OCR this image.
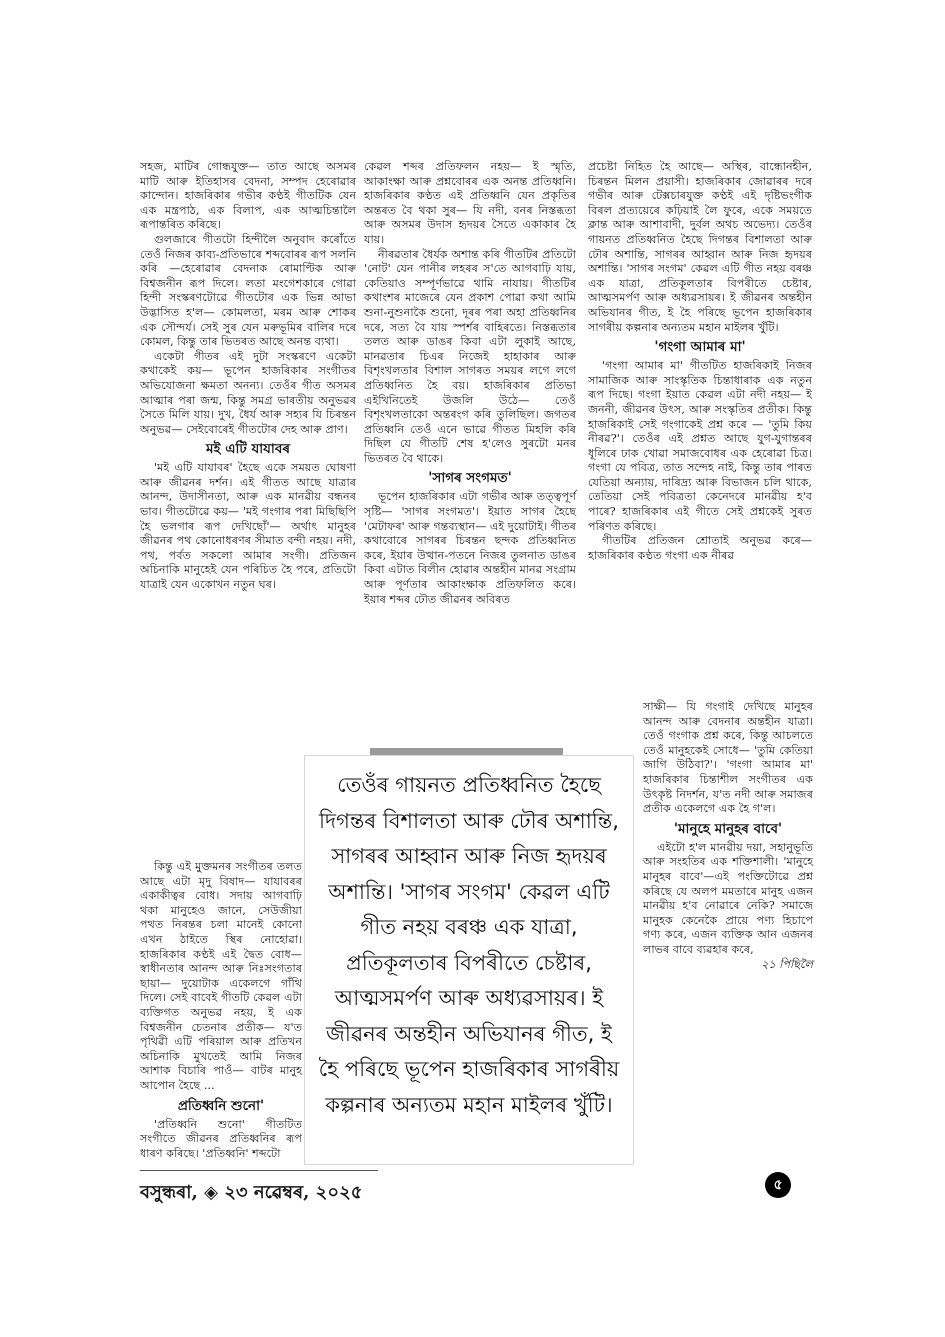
সহজ, মাটিৰ গোন্ধযুক্ত— তাত আছে অসমৰ মাটি আৰু ইতিহাসৰ বেদনা, সম্পদ হেৰোৱাৰ কান্দোন। হাজৰিকাৰ গভীৰ কণ্ঠই গীতটিক যেন এক মন্ত্ৰপাঠ, এক বিলাপ, এক আত্মচিন্তালৈ ৰূপান্তৰিত কৰিছে।

গুলজাৰে গীতটো হিন্দীলৈ অনুবাদ কৰোঁতে তেওঁ নিজৰ কাব্য-প্ৰতিভাৰে শব্দবোৰৰ ৰূপ সলনি কৰি —হেৰোৱাৰ বেদনাক ৰোমাণ্টিক আৰু বিশ্বজনীন ৰূপ দিলে। লতা মংগেশকাৰে গোৱা হিন্দী সংস্কৰণটোৱে গীতটোৰ এক ভিন্ন আভা উদ্ভাসিত হ'ল— কোমলতা, মৰম আৰু শোকৰ এক সৌন্দৰ্য। সেই সুৰ যেন মৰুভূমিৰ বালিৰ দৰে কোমল, কিন্তু তাৰ ভিতৰত আছে অনন্ত ব্যথা।

একেটা গীতৰ এই দুটা সংস্কৰণে একেটা কথাকেই কয়— ভূপেন হাজৰিকাৰ সংগীতৰ অভিযোজনা ক্ষমতা অনন্য। তেওঁৰ গীত অসমৰ আত্মাৰ পৰা জন্ম, কিন্তু সমগ্ৰ ভাৰতীয় অনুভৱৰ সৈতে মিলি যায়। দুখ, ধৈৰ্য আৰু সহ্যৰ যি চিৰন্তন অনুভৱ— সেইবোৰেই গীতটোৰ দেহ আৰু প্ৰাণ।

মই এটি যাযাবৰ

'মই এটি যাযাবৰ' হৈছে একে সময়ত ঘোষণা আৰু জীৱনৰ দৰ্শন। এই গীতত আছে যাত্ৰাৰ আনন্দ, উদাসীনতা, আৰু এক মানৱীয় বন্ধনৰ ভাব। গীতটোৱে কয়— 'মই গংগাৰ পৰা মিছিছিপি হৈ ভলগাৰ ৰূপ দেখিছোঁ'— অৰ্থাৎ মানুহৰ জীৱনৰ পথ কোনোধৰণৰ সীমাত বন্দী নহয়। নদী, পথ, পৰ্বত সকলো আমাৰ সংগী। প্ৰতিজন অচিনাকি মানুহেই যেন পৰিচিত হৈ পৰে, প্ৰতিটো যাত্ৰাই যেন একোখন নতুন ঘৰ।

কিন্তু এই মুক্তমনৰ সংগীতৰ তলত আছে এটা মৃদু বিষাদ— যাযাবৰৰ একাকীত্বৰ বোধ। সদায় আগবাঢ়ি থকা মানুহেও জানে, সেউজীয়া পথত নিৰন্তৰ চলা মানেই কোনো এখন ঠাইতে স্থিৰ নোহোৱা। হাজৰিকাৰ কণ্ঠই এই দ্বৈত বোধ— স্বাধীনতাৰ আনন্দ আৰু নিঃসংগতাৰ ছায়া— দুয়োটাক একেলগে গাঁথি দিলে। সেই বাবেই গীতটি কেৱল এটা ব্যক্তিগত অনুভৱ নহয়, ই এক বিশ্বজনীন চেতনাৰ প্ৰতীক— য'ত পৃথিৱী এটি পৰিয়াল আৰু প্ৰতিখন অচিনাকি মুখতেই আমি নিজৰ আশাক বিচাৰি পাওঁ— বাটৰ মানুহ আপোন হৈছে ...

প্ৰতিধ্বনি শুনো'

'প্ৰতিধ্বনি শুনো' গীতটিত সংগীতে জীৱনৰ প্ৰতিধ্বনিৰ ৰূপ ধাৰণ কৰিছে। 'প্ৰতিধ্বনি' শব্দটো

কেৱল শব্দৰ প্ৰতিফলন নহয়— ই স্মৃতি, আকাংক্ষা আৰু প্ৰশ্নবোৰৰ এক অনন্ত প্ৰতিধ্বনি। হাজৰিকাৰ কণ্ঠত এই প্ৰতিধ্বনি যেন প্ৰকৃতিৰ অন্তৰত বৈ থকা সুৰ— যি নদী, বনৰ নিস্তব্ধতা আৰু অসমৰ উদাস হৃদয়ৰ সৈতে একাকাৰ হৈ যায়।

নীৰৱতাৰ ধৈৰ্যক অশান্ত কৰি গীতটিৰ প্ৰতিটো 'নোট' যেন পানীৰ লহৰৰ স'তে আগবাঢ়ি যায়, কেতিয়াও সম্পূৰ্ণভাৱে থামি নাযায়। গীতটিৰ কথাংশৰ মাজেৰে যেন প্ৰকাশ পোৱা কথা আমি শুনা-নুশুনাকৈ শুনো, দূৰৰ পৰা অহা প্ৰতিধ্বনিৰ দৰে, সত্য বৈ যায় স্পৰ্শৰ বাহিৰতে। নিস্তব্ধতাৰ তলত আৰু ডাঙৰ কিবা এটা লুকাই আছে, মানৱতাৰ চিএৰ নিজেই হাহাকাৰ আৰু বিশৃংখলতাৰ বিশাল সাগৰত সময়ৰ লগে লগে প্ৰতিধ্বনিত হৈ বয়। হাজৰিকাৰ প্ৰতিভা এইখিনিতেই উজলি উঠে— তেওঁ বিশৃংখলতাকো অন্তৰংগ কৰি তুলিছিল। জগতৰ প্ৰতিধ্বনি তেওঁ এনে ভাৱে গীতত মিহলি কৰি দিছিল যে গীতটি শেষ হ'লেও সুৰটো মনৰ ভিতৰত বৈ থাকে।

'সাগৰ সংগমত'

ভূপেন হাজৰিকাৰ এটা গভীৰ আৰু তত্ত্বপূৰ্ণ সৃষ্টি— 'সাগৰ সংগমত'। ইয়াত সাগৰ হৈছে 'মেটাফৰ' আৰু গন্তব্যস্থান— এই দুয়োটাই। গীতৰ কথাবোৰে সাগৰৰ চিৰন্তন ছন্দক প্ৰতিধ্বনিত কৰে, ইয়াৰ উত্থান-পতনে নিজৰ তুলনাত ডাঙৰ কিবা এটাত বিলীন হোৱাৰ অন্তহীন মানৱ সংগ্ৰাম আৰু পূৰ্ণতাৰ আকাংক্ষাক প্ৰতিফলিত কৰে। ইয়াৰ শব্দৰ ঢৌত জীৱনৰ অবিৰত

প্ৰচেষ্টা নিহিত হৈ আছে— অস্থিৰ, বান্ধোনহীন, চিৰন্তন মিলন প্ৰয়াসী। হাজৰিকাৰ জোৱাৰৰ দৰে গভীৰ আৰু টেক্সচাৰযুক্ত কণ্ঠই এই দৃষ্টিভংগীক বিৰল প্ৰত্যয়েৰে কঢ়িয়াই লৈ ফুৰে, একে সময়তে ক্লান্ত আৰু আশাবাদী, দুৰ্বল অথচ অভেদ্য। তেওঁৰ গায়নত প্ৰতিধ্বনিত হৈছে দিগন্তৰ বিশালতা আৰু ঢৌৰ অশান্তি, সাগৰৰ আহ্বান আৰু নিজ হৃদয়ৰ অশান্তি। 'সাগৰ সংগম' কেৱল এটি গীত নহয় বৰঞ্চ এক যাত্ৰা, প্ৰতিকূলতাৰ বিপৰীতে চেষ্টাৰ, আত্মসমৰ্পণ আৰু অধ্যৱসায়ৰ। ই জীৱনৰ অন্তহীন অভিযানৰ গীত, ই হৈ পৰিছে ভূপেন হাজৰিকাৰ সাগৰীয় কল্পনাৰ অন্যতম মহান মাইলৰ খুঁটি।

'গংগা আমাৰ মা'

'গংগা আমাৰ মা' গীতটিত হাজৰিকাই নিজৰ সামাজিক আৰু সাংস্কৃতিক চিন্তাধাৰাক এক নতুন ৰূপ দিছে। গংগা ইয়াত কেৱল এটা নদী নহয়— ই জননী, জীৱনৰ উৎস, আৰু সংস্কৃতিৰ প্ৰতীক। কিন্তু হাজৰিকাই সেই গংগাকেই প্ৰশ্ন কৰে — 'তুমি কিয় নীৰৱ?'। তেওঁৰ এই প্ৰশ্নত আছে যুগ-যুগান্তৰৰ ধূলিৰে ঢাক খোৱা সমাজবোধৰ এক হেৰোৱা চিত্ৰ। গংগা যে পবিত্ৰ, তাত সন্দেহ নাই, কিন্তু তাৰ পাৰত যেতিয়া অন্যায়, দাৰিদ্ৰ্য আৰু বিভাজন চলি থাকে, তেতিয়া সেই পবিত্ৰতা কেনেদৰে মানৱীয় হ'ব পাৰে? হাজৰিকাৰ এই গীতে সেই প্ৰশ্নকেই সুৰত পৰিণত কৰিছে।

গীতটিৰ প্ৰতিজন শ্ৰোতাই অনুভৱ কৰে— হাজৰিকাৰ কণ্ঠত গংগা এক নীৰৱ

সাক্ষী— যি গংগাই দেখিছে মানুহৰ আনন্দ আৰু বেদনাৰ অন্তহীন যাত্ৰা। তেওঁ গংগাক প্ৰশ্ন কৰে, কিন্তু আচলতে তেওঁ মানুহকেই সোধে— 'তুমি কেতিয়া জাগি উঠিবা?'। 'গংগা আমাৰ মা' হাজৰিকাৰ চিন্তাশীল সংগীতৰ এক উৎকৃষ্ট নিদৰ্শন, য'ত নদী আৰু সমাজৰ প্ৰতীক একেলগে এক হৈ গ'ল।

'মানুহে মানুহৰ বাবে'

এইটো হ'ল মানৱীয় দয়া, সহানুভূতি আৰু সংহতিৰ এক শক্তিশালী। 'মানুহে মানুহৰ বাবে'—এই পংক্তিটোৱে প্ৰশ্ন কৰিছে যে অলপ মমতাৰে মানুহ এজন মানৱীয় হ'ব নোৱাৰে নেকি? সমাজে মানুহক কেনেকৈ প্ৰায়ে পণ্য হিচাপে গণ্য কৰে, এজন ব্যক্তিক আন এজনৰ লাভৰ বাবে ব্যৱহাৰ কৰে,

২১ পিছিলৈ

তেওঁৰ গায়নত প্ৰতিধ্বনিত হৈছে দিগন্তৰ বিশালতা আৰু ঢৌৰ অশান্তি, সাগৰৰ আহ্বান আৰু নিজ হৃদয়ৰ অশান্তি। 'সাগৰ সংগম' কেৱল এটি গীত নহয় বৰঞ্চ এক যাত্ৰা, প্ৰতিকূলতাৰ বিপৰীতে চেষ্টাৰ, আত্মসমৰ্পণ আৰু অধ্যৱসায়ৰ। ই জীৱনৰ অন্তহীন অভিযানৰ গীত, ই হৈ পৰিছে ভূপেন হাজৰিকাৰ সাগৰীয় কল্পনাৰ অন্যতম মহান মাইলৰ খুঁটি।
বসুন্ধৰা, ◈ ২৩ নৱেম্বৰ, ২০২৫	৫
